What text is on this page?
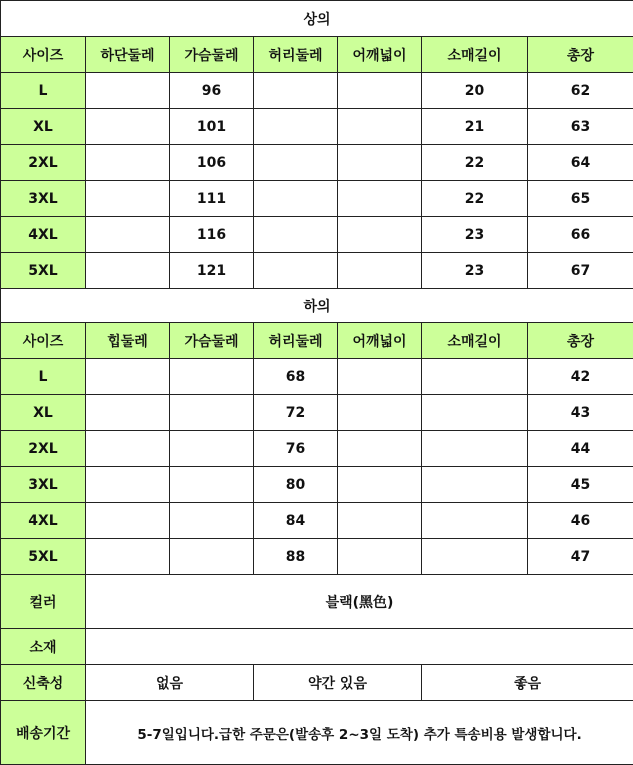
상의						
사이즈	하단둘레	가슴둘레	허리둘레	어깨넓이	소매길이	총장
L		96			20	62
XL		101			21	63
2XL		106			22	64
3XL		111			22	65
4XL		116			23	66
5XL		121			23	67
하의						
사이즈	힙둘레	가슴둘레	허리둘레	어깨넓이	소매길이	총장
L			68			42
XL			72			43
2XL			76			44
3XL			80			45
4XL			84			46
5XL			88			47
컬러	블랙(黑色)					
소재						
신축성	없음		약간 있음		좋음	
배송기간	5-7일입니다.급한 주문은(발송후 2~3일 도착) 추가 특송비용 발생합니다.					
